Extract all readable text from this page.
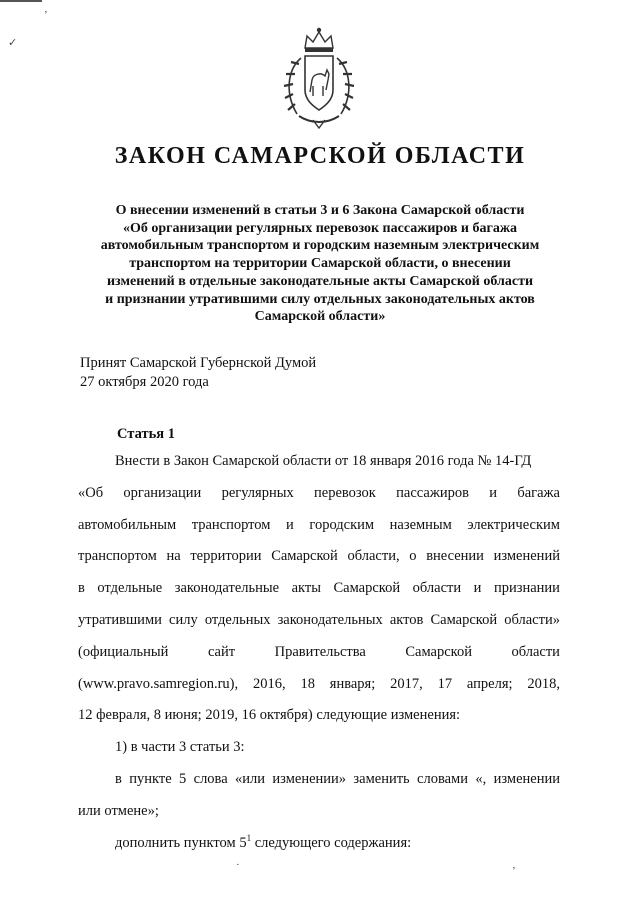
ʼ
✓
·	ʼ
ЗАКОН САМАРСКОЙ ОБЛАСТИ
О внесении изменений в статьи 3 и 6 Закона Самарской области
«Об организации регулярных перевозок пассажиров и багажа
автомобильным транспортом и городским наземным электрическим
транспортом на территории Самарской области, о внесении
изменений в отдельные законодательные акты Самарской области
и признании утратившими силу отдельных законодательных актов
Самарской области»
Принят Самарской Губернской Думой
27 октября 2020 года
Статья 1
Внести в Закон Самарской области от 18 января 2016 года № 14-ГД
«Об организации регулярных перевозок пассажиров и багажа
автомобильным транспортом и городским наземным электрическим
транспортом на территории Самарской области, о внесении изменений
в отдельные законодательные акты Самарской области и признании
утратившими силу отдельных законодательных актов Самарской области»
(официальный	сайт	Правительства	Самарской	области
(www.pravo.samregion.ru), 2016, 18 января; 2017, 17 апреля; 2018,
12 февраля, 8 июня; 2019, 16 октября) следующие изменения:
1) в части 3 статьи 3:
в пункте 5 слова «или изменении» заменить словами «, изменении
или отмене»;
дополнить пунктом $5^1$ следующего содержания:
